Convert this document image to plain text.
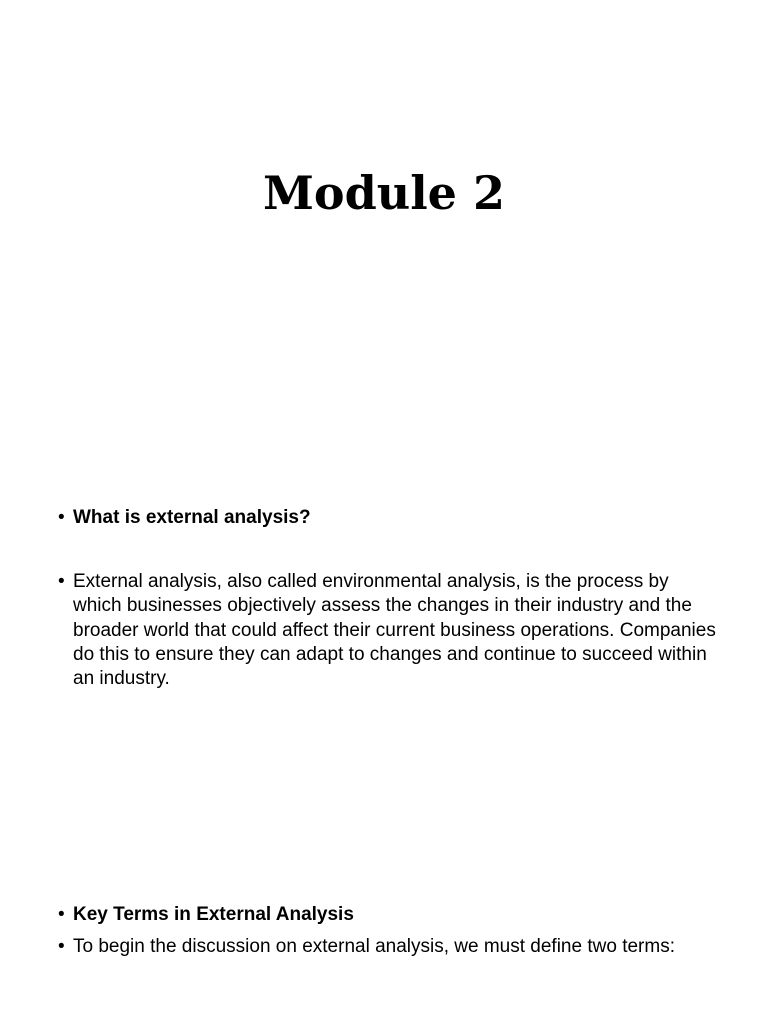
Module 2

• What is external analysis?

• External analysis, also called environmental analysis, is the process by which businesses objectively assess the changes in their industry and the broader world that could affect their current business operations. Companies do this to ensure they can adapt to changes and continue to succeed within an industry.

• Key Terms in External Analysis

• To begin the discussion on external analysis, we must define two terms:
